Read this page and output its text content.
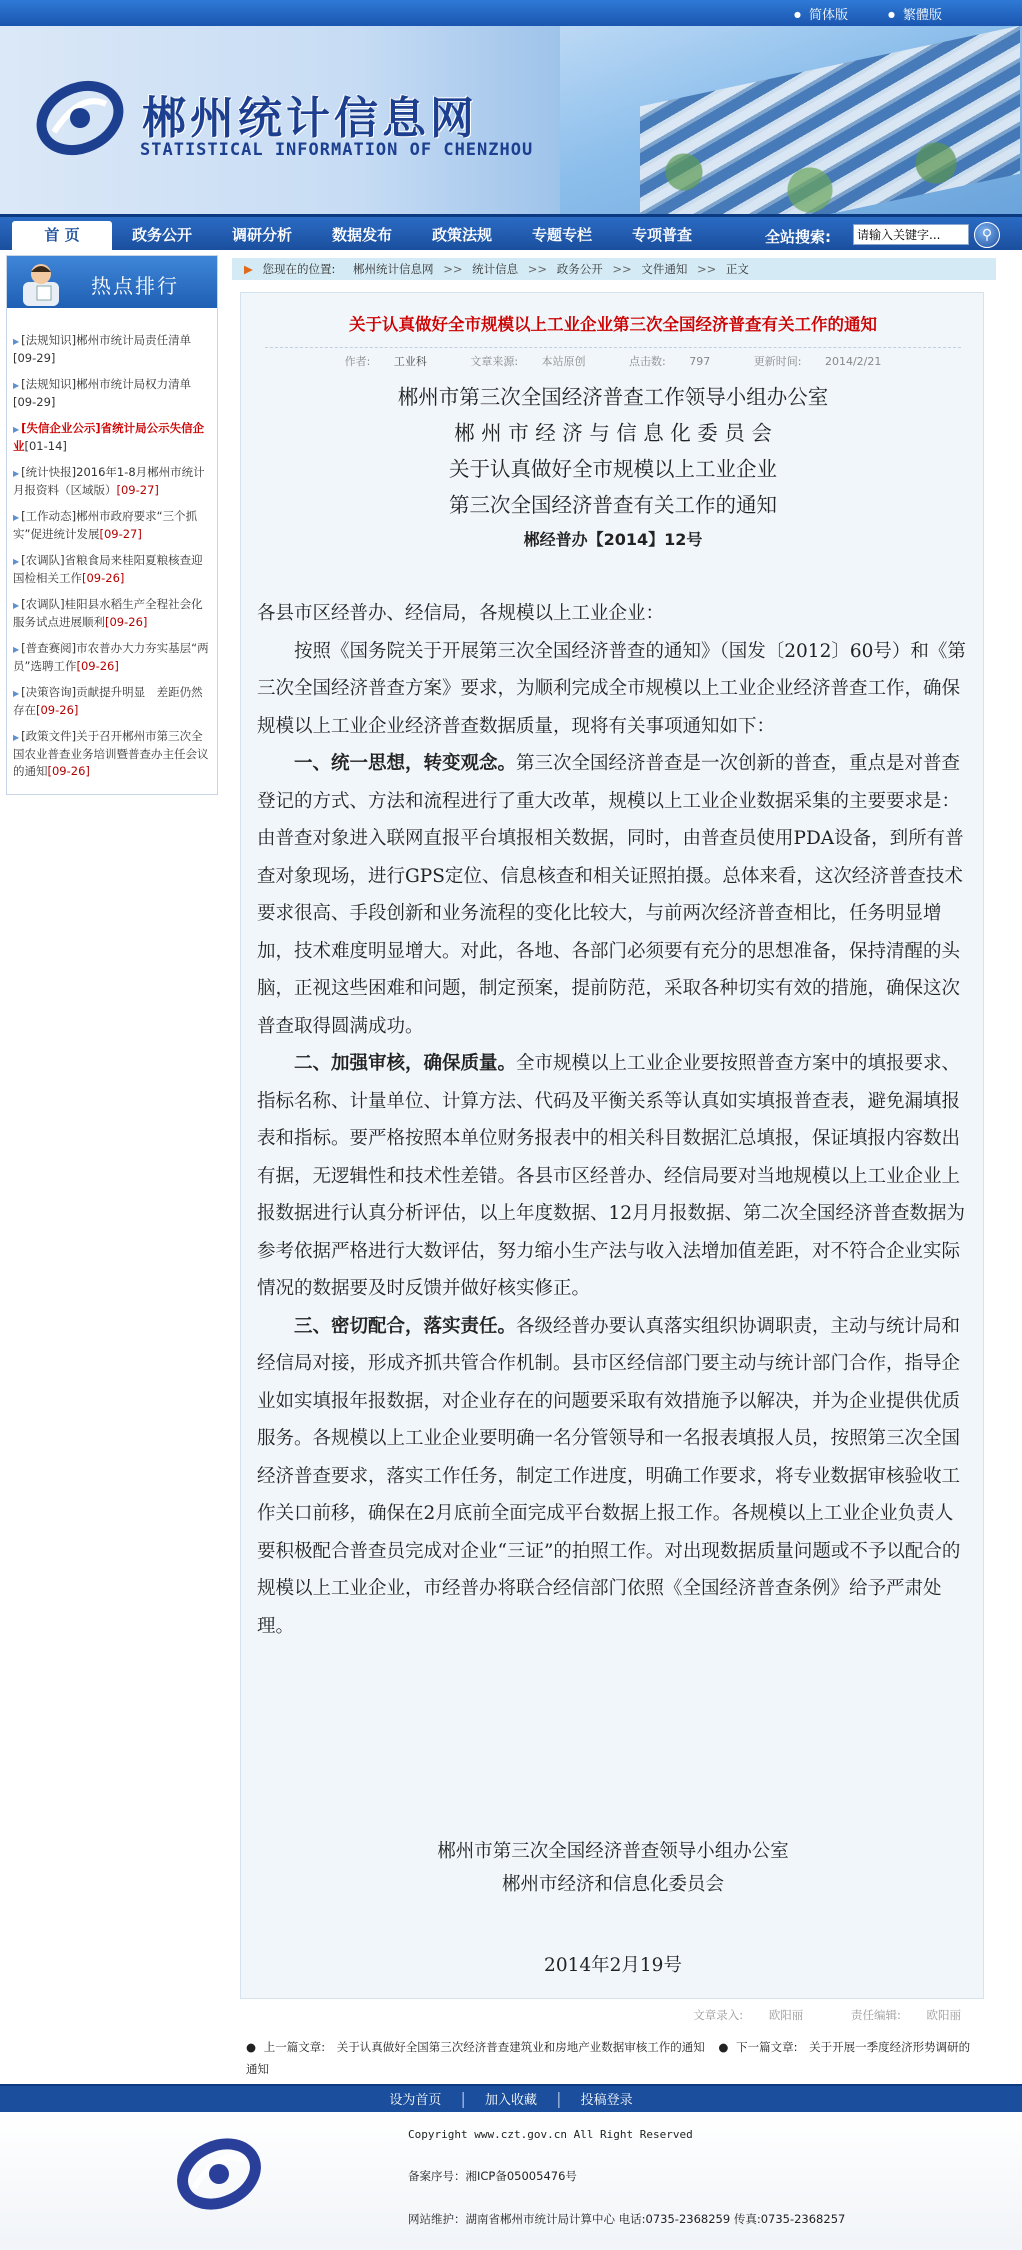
● 简体版
●	繁體版
郴州统计信息网
STATISTICAL INFORMATION OF CHENZHOU
首 页	政务公开	调研分析	数据发布	政策法规	专题专栏	专项普查	全站搜索:
请输入关键字...	⚲
热点排行
▶ [法规知识]郴州市统计局责任清单[09-29]
▶ [法规知识]郴州市统计局权力清单[09-29]
▶ [失信企业公示]省统计局公示失信企业[01-14]
▶ [统计快报]2016年1-8月郴州市统计月报资料（区域版）[09-27]
▶ [工作动态]郴州市政府要求“三个抓实”促进统计发展[09-27]
▶ [农调队]省粮食局来桂阳夏粮核查迎国检相关工作[09-26]
▶ [农调队]桂阳县水稻生产全程社会化服务试点进展顺利[09-26]
▶ [普查赛阅]市农普办大力夯实基层“两员”选聘工作[09-26]
▶ [决策咨询]贡献提升明显　差距仍然存在[09-26]
▶ [政策文件]关于召开郴州市第三次全国农业普查业务培训暨普查办主任会议的通知[09-26]
▶ 您现在的位置: 郴州统计信息网 >> 统计信息 >> 政务公开 >> 文件通知 >> 正文
关于认真做好全市规模以上工业企业第三次全国经济普查有关工作的通知
作者: 工业科	文章来源: 本站原创	点击数: 797	更新时间: 2014/2/21
郴州市第三次全国经济普查工作领导小组办公室
郴 州 市 经 济 与 信 息 化 委 员 会
关于认真做好全市规模以上工业企业
第三次全国经济普查有关工作的通知
郴经普办【2014】12号

各县市区经普办、经信局，各规模以上工业企业：

按照《国务院关于开展第三次全国经济普查的通知》（国发〔2012〕60号）和《第三次全国经济普查方案》要求，为顺利完成全市规模以上工业企业经济普查工作，确保规模以上工业企业经济普查数据质量，现将有关事项通知如下：

一、统一思想，转变观念。第三次全国经济普查是一次创新的普查，重点是对普查登记的方式、方法和流程进行了重大改革，规模以上工业企业数据采集的主要要求是：由普查对象进入联网直报平台填报相关数据，同时，由普查员使用PDA设备，到所有普查对象现场，进行GPS定位、信息核查和相关证照拍摄。总体来看，这次经济普查技术要求很高、手段创新和业务流程的变化比较大，与前两次经济普查相比，任务明显增加，技术难度明显增大。对此，各地、各部门必须要有充分的思想准备，保持清醒的头脑，正视这些困难和问题，制定预案，提前防范，采取各种切实有效的措施，确保这次普查取得圆满成功。

二、加强审核，确保质量。全市规模以上工业企业要按照普查方案中的填报要求、指标名称、计量单位、计算方法、代码及平衡关系等认真如实填报普查表，避免漏填报表和指标。要严格按照本单位财务报表中的相关科目数据汇总填报，保证填报内容数出有据，无逻辑性和技术性差错。各县市区经普办、经信局要对当地规模以上工业企业上报数据进行认真分析评估，以上年度数据、12月月报数据、第二次全国经济普查数据为参考依据严格进行大数评估，努力缩小生产法与收入法增加值差距，对不符合企业实际情况的数据要及时反馈并做好核实修正。

三、密切配合，落实责任。各级经普办要认真落实组织协调职责，主动与统计局和经信局对接，形成齐抓共管合作机制。县市区经信部门要主动与统计部门合作，指导企业如实填报年报数据，对企业存在的问题要采取有效措施予以解决，并为企业提供优质服务。各规模以上工业企业要明确一名分管领导和一名报表填报人员，按照第三次全国经济普查要求，落实工作任务，制定工作进度，明确工作要求，将专业数据审核验收工作关口前移，确保在2月底前全面完成平台数据上报工作。各规模以上工业企业负责人要积极配合普查员完成对企业“三证”的拍照工作。对出现数据质量问题或不予以配合的规模以上工业企业，市经普办将联合经信部门依照《全国经济普查条例》给予严肃处理。

郴州市第三次全国经济普查领导小组办公室
郴州市经济和信息化委员会
2014年2月19号
文章录入: 欧阳丽	责任编辑: 欧阳丽
● 上一篇文章: 关于认真做好全国第三次经济普查建筑业和房地产业数据审核工作的通知 ● 下一篇文章: 关于开展一季度经济形势调研的通知
设为首页 | 加入收藏 | 投稿登录
Copyright www.czt.gov.cn All Right Reserved
备案序号：湘ICP备05005476号
网站维护：湖南省郴州市统计局计算中心 电话:0735-2368259 传真:0735-2368257
